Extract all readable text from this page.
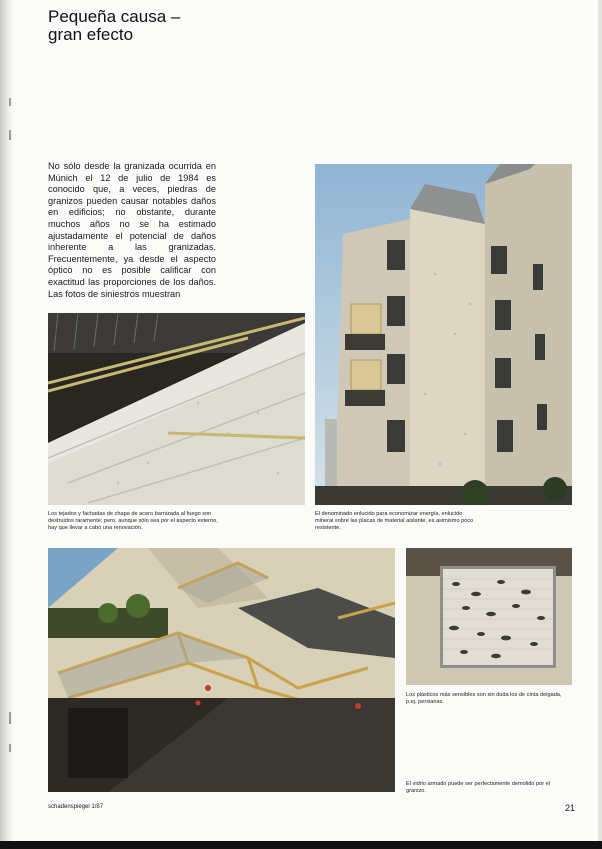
Pequeña causa –
gran efecto

No sólo desde la granizada ocurrida en Múnich el 12 de julio de 1984 es conocido que, a veces, piedras de granizos pueden causar notables daños en edificios; no obstante, durante muchos años no se ha estimado ajustadamente el potencial de daños inherente a las granizadas. Frecuentemente, ya desde el aspecto óptico no es posible calificar con exactitud las proporciones de los daños. Las fotos de siniestros muestran

Los tejados y fachadas de chapa de acero barnizada al fuego son destruidos raramente; pero, aunque sólo sea por el aspecto externo, hay que llevar a cabo una renovación.

El denominado enlucido para economizar energía, enlucido mineral sobre las placas de material aislante, es asimismo poco resistente.

Los plásticos más sensibles son sin duda los de cinta delgada, p.ej. persianas.

El vidrio armado puede ser perfectamente demolido por el granizo.

schadenspiegel 1/87	21
